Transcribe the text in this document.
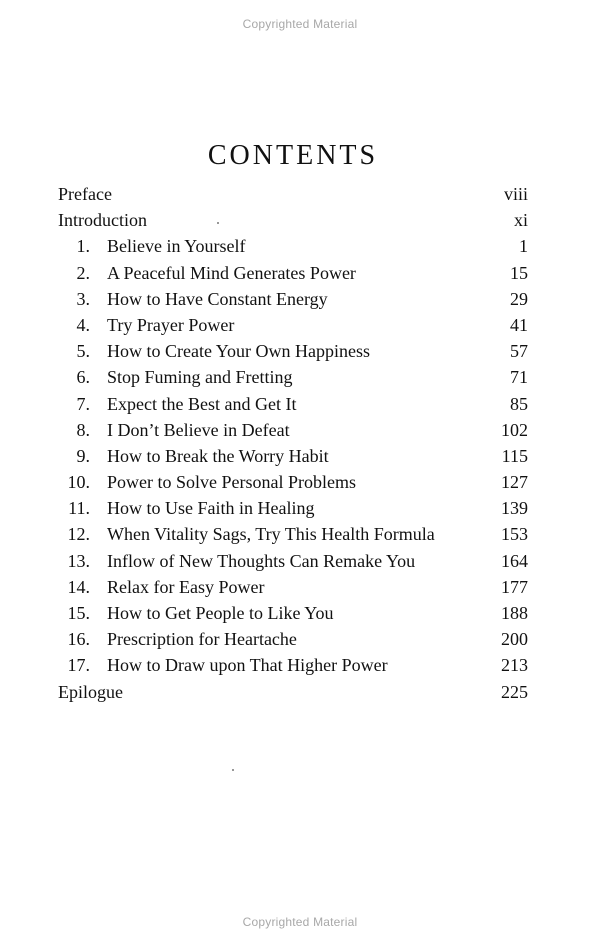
Copyrighted Material
CONTENTS
Preface	viii
Introduction	xi
1. Believe in Yourself	1
2. A Peaceful Mind Generates Power	15
3. How to Have Constant Energy	29
4. Try Prayer Power	41
5. How to Create Your Own Happiness	57
6. Stop Fuming and Fretting	71
7. Expect the Best and Get It	85
8. I Don’t Believe in Defeat	102
9. How to Break the Worry Habit	115
10. Power to Solve Personal Problems	127
11. How to Use Faith in Healing	139
12. When Vitality Sags, Try This Health Formula	153
13. Inflow of New Thoughts Can Remake You	164
14. Relax for Easy Power	177
15. How to Get People to Like You	188
16. Prescription for Heartache	200
17. How to Draw upon That Higher Power	213
Epilogue	225
Copyrighted Material
